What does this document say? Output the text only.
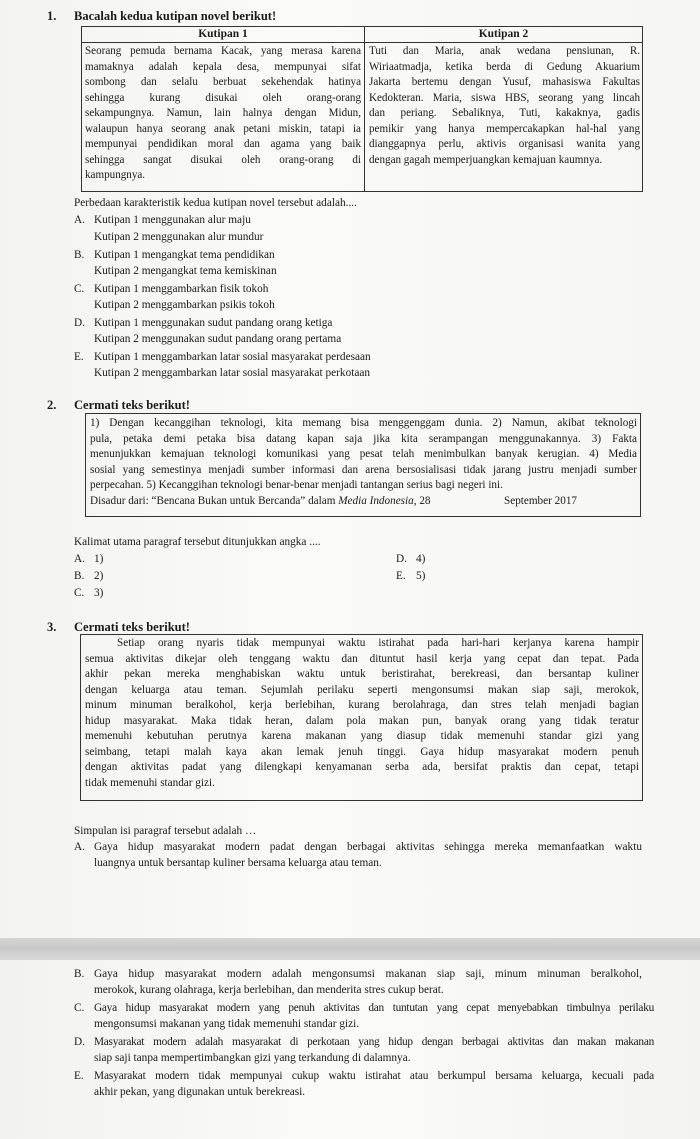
1. Bacalah kedua kutipan novel berikut!
Kutipan 1	Kutipan 2
Seorang pemuda bernama Kacak, yang merasa karena
mamaknya adalah kepala desa, mempunyai sifat
sombong dan selalu berbuat sekehendak hatinya
sehingga kurang disukai oleh orang-orang
sekampungnya. Namun, lain halnya dengan Midun,
walaupun hanya seorang anak petani miskin, tatapi ia
mempunyai pendidikan moral dan agama yang baik
sehingga sangat disukai oleh orang-orang di
kampungnya.
Tuti dan Maria, anak wedana pensiunan, R.
Wiriaatmadja, ketika berda di Gedung Akuarium
Jakarta bertemu dengan Yusuf, mahasiswa Fakultas
Kedokteran. Maria, siswa HBS, seorang yang lincah
dan periang. Sebaliknya, Tuti, kakaknya, gadis
pemikir yang hanya mempercakapkan hal-hal yang
dianggapnya perlu, aktivis organisasi wanita yang
dengan gagah memperjuangkan kemajuan kaumnya.
Perbedaan karakteristik kedua kutipan novel tersebut adalah....
A. Kutipan 1 menggunakan alur maju
Kutipan 2 menggunakan alur mundur
B. Kutipan 1 mengangkat tema pendidikan
Kutipan 2 mengangkat tema kemiskinan
C. Kutipan 1 menggambarkan fisik tokoh
Kutipan 2 menggambarkan psikis tokoh
D. Kutipan 1 menggunakan sudut pandang orang ketiga
Kutipan 2 menggunakan sudut pandang orang pertama
E. Kutipan 1 menggambarkan latar sosial masyarakat perdesaan
Kutipan 2 menggambarkan latar sosial masyarakat perkotaan
2. Cermati teks berikut!
1) Dengan kecanggihan teknologi, kita memang bisa menggenggam dunia. 2) Namun, akibat teknologi
pula, petaka demi petaka bisa datang kapan saja jika kita serampangan menggunakannya. 3) Fakta
menunjukkan kemajuan teknologi komunikasi yang pesat telah menimbulkan banyak kerugian. 4) Media
sosial yang semestinya menjadi sumber informasi dan arena bersosialisasi tidak jarang justru menjadi sumber
perpecahan. 5) Kecanggihan teknologi benar-benar menjadi tantangan serius bagi negeri ini.
Disadur dari: “Bencana Bukan untuk Bercanda” dalam Media Indonesia, 28	September 2017
Kalimat utama paragraf tersebut ditunjukkan angka ....
A. 1)
B. 2)
C. 3)
D. 4)
E. 5)
3. Cermati teks berikut!
Setiap orang nyaris tidak mempunyai waktu istirahat pada hari-hari kerjanya karena hampir
semua aktivitas dikejar oleh tenggang waktu dan dituntut hasil kerja yang cepat dan tepat. Pada
akhir pekan mereka menghabiskan waktu untuk beristirahat, berekreasi, dan bersantap kuliner
dengan keluarga atau teman. Sejumlah perilaku seperti mengonsumsi makan siap saji, merokok,
minum minuman beralkohol, kerja berlebihan, kurang berolahraga, dan stres telah menjadi bagian
hidup masyarakat. Maka tidak heran, dalam pola makan pun, banyak orang yang tidak teratur
memenuhi kebutuhan perutnya karena makanan yang diasup tidak memenuhi standar gizi yang
seimbang, tetapi malah kaya akan lemak jenuh tinggi. Gaya hidup masyarakat modern penuh
dengan aktivitas padat yang dilengkapi kenyamanan serba ada, bersifat praktis dan cepat, tetapi
tidak memenuhi standar gizi.
Simpulan isi paragraf tersebut adalah …
A. Gaya hidup masyarakat modern padat dengan berbagai aktivitas sehingga mereka memanfaatkan waktu
luangnya untuk bersantap kuliner bersama keluarga atau teman.
B. Gaya hidup masyarakat modern adalah mengonsumsi makanan siap saji, minum minuman beralkohol,
merokok, kurang olahraga, kerja berlebihan, dan menderita stres cukup berat.
C. Gaya hidup masyarakat modern yang penuh aktivitas dan tuntutan yang cepat menyebabkan timbulnya perilaku
mengonsumsi makanan yang tidak memenuhi standar gizi.
D. Masyarakat modern adalah masyarakat di perkotaan yang hidup dengan berbagai aktivitas dan makan makanan
siap saji tanpa mempertimbangkan gizi yang terkandung di dalamnya.
E. Masyarakat modern tidak mempunyai cukup waktu istirahat atau berkumpul bersama keluarga, kecuali pada
akhir pekan, yang digunakan untuk berekreasi.
